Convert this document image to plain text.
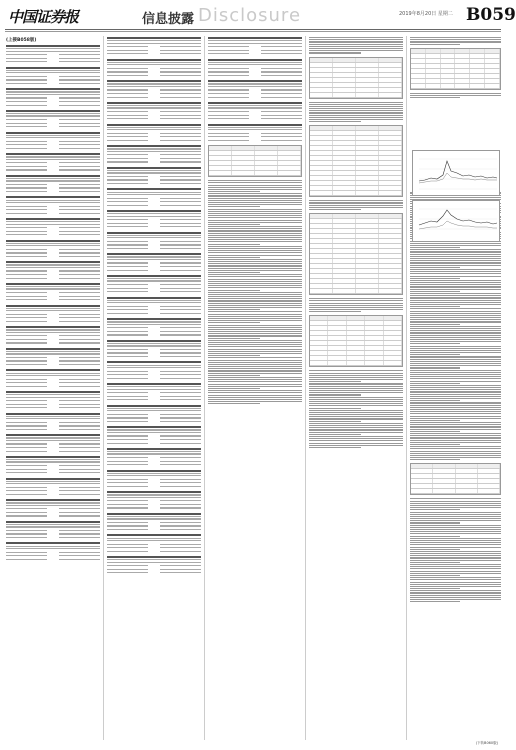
中国证券报	信息披露 Disclosure	2019年8月20日 星期二 B059
(上接B058版)
(下转B060版)
